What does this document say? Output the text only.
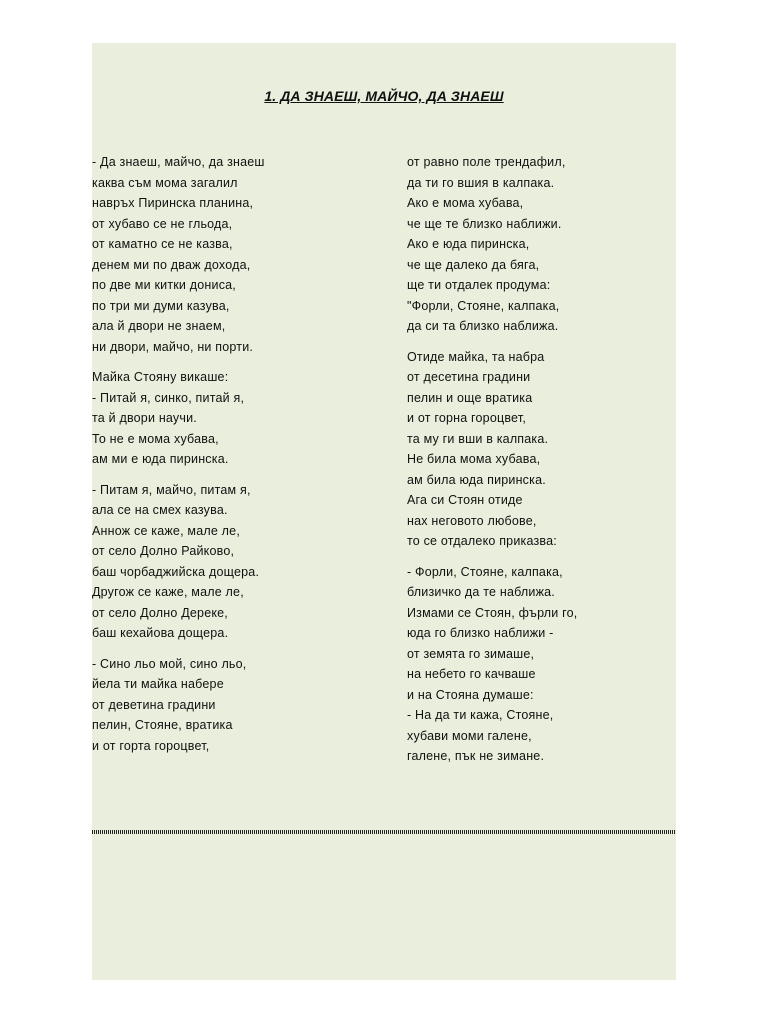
1. ДА ЗНАЕШ, МАЙЧО, ДА ЗНАЕШ
- Да знаеш, майчо, да знаеш
каква съм мома загалил
навръх Пиринска планина,
от хубаво се не гльода,
от каматно се не казва,
денем ми по дваж дохода,
по две ми китки дониса,
по три ми думи казува,
ала й двори не знаем,
ни двори, майчо, ни порти.
Майка Стояну викаше:
- Питай я, синко, питай я,
та й двори научи.
То не е мома хубава,
ам ми е юда пиринска.
- Питам я, майчо, питам я,
ала се на смех казува.
Аннож се каже, мале ле,
от село Долно Райково,
баш чорбаджийска дощера.
Другож се каже, мале ле,
от село Долно Дереке,
баш кехайова дощера.
- Сино льо мой, сино льо,
йела ти майка набере
от деветина градини
пелин, Стояне, вратика
и от горта гороцвет,
от равно поле трендафил,
да ти го вшия в калпака.
Ако е мома хубава,
че ще те близко наближи.
Ако е юда пиринска,
че ще далеко да бяга,
ще ти отдалек продума:
"Форли, Стояне, калпака,
да си та близко наближа.
Отиде майка, та набра
от десетина градини
пелин и още вратика
и от горна гороцвет,
та му ги вши в калпака.
Не била мома хубава,
ам била юда пиринска.
Ага си Стоян отиде
нах неговото любове,
то се отдалеко приказва:
- Форли, Стояне, калпака,
близичко да те наближа.
Измами се Стоян, фърли го,
юда го близко наближи -
от земята го зимаше,
на небето го качваше
и на Стояна думаше:
- На да ти кажа, Стояне,
хубави моми галене,
галене, пък не зимане.
